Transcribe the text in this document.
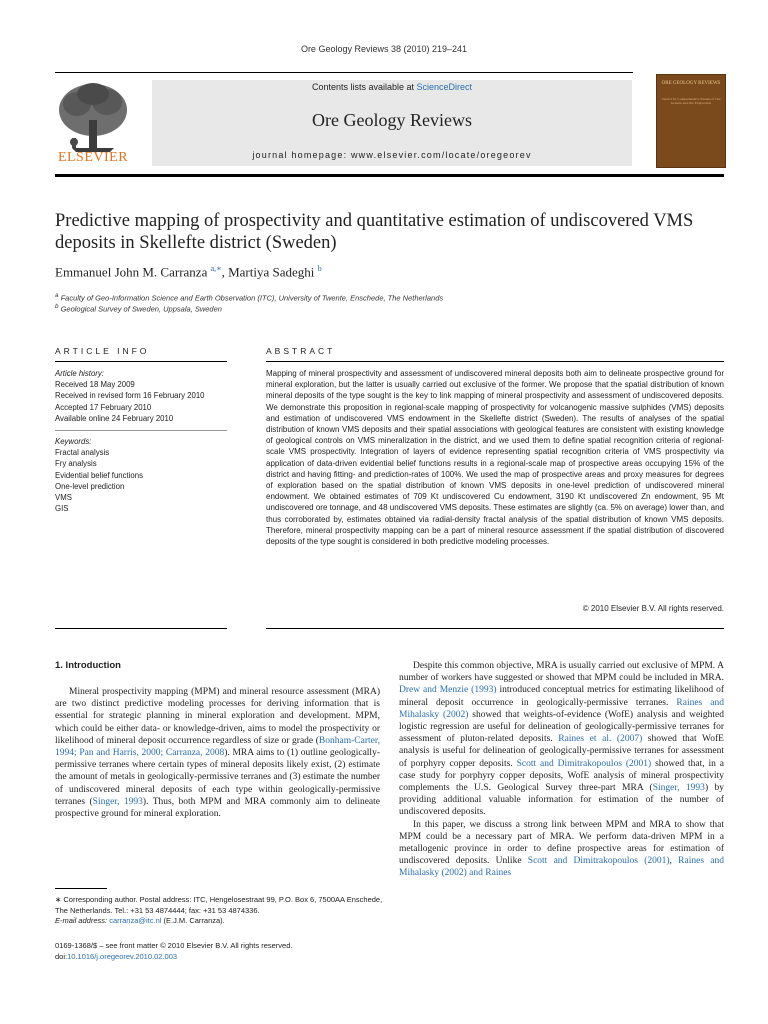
Ore Geology Reviews 38 (2010) 219–241
ELSEVIER
Contents lists available at ScienceDirect
Ore Geology Reviews
journal homepage: www.elsevier.com/locate/oregeorev
ORE GEOLOGY REVIEWS
Journal for Comprehensive Studies of Ore Genesis and Ore Exploration
Predictive mapping of prospectivity and quantitative estimation of undiscovered VMS deposits in Skellefte district (Sweden)
Emmanuel John M. Carranza $^{a,∗}$, Martiya Sadeghi $^b$
$^a$ Faculty of Geo-Information Science and Earth Observation (ITC), University of Twente, Enschede, The Netherlands
$^b$ Geological Survey of Sweden, Uppsala, Sweden
ARTICLE INFO	ABSTRACT
Article history:
Received 18 May 2009
Received in revised form 16 February 2010
Accepted 17 February 2010
Available online 24 February 2010
Keywords:
Fractal analysis
Fry analysis
Evidential belief functions
One-level prediction
VMS
GIS
Mapping of mineral prospectivity and assessment of undiscovered mineral deposits both aim to delineate prospective ground for mineral exploration, but the latter is usually carried out exclusive of the former. We propose that the spatial distribution of known mineral deposits of the type sought is the key to link mapping of mineral prospectivity and assessment of undiscovered deposits. We demonstrate this proposition in regional-scale mapping of prospectivity for volcanogenic massive sulphides (VMS) deposits and estimation of undiscovered VMS endowment in the Skellefte district (Sweden). The results of analyses of the spatial distribution of known VMS deposits and their spatial associations with geological features are consistent with existing knowledge of geological controls on VMS mineralization in the district, and we used them to define spatial recognition criteria of regional-scale VMS prospectivity. Integration of layers of evidence representing spatial recognition criteria of VMS prospectivity via application of data-driven evidential belief functions results in a regional-scale map of prospective areas occupying 15% of the district and having fitting- and prediction-rates of 100%. We used the map of prospective areas and proxy measures for degrees of exploration based on the spatial distribution of known VMS deposits in one-level prediction of undiscovered mineral endowment. We obtained estimates of 709 Kt undiscovered Cu endowment, 3190 Kt undiscovered Zn endowment, 95 Mt undiscovered ore tonnage, and 48 undiscovered VMS deposits. These estimates are slightly (ca. 5% on average) lower than, and thus corroborated by, estimates obtained via radial-density fractal analysis of the spatial distribution of known VMS deposits. Therefore, mineral prospectivity mapping can be a part of mineral resource assessment if the spatial distribution of discovered deposits of the type sought is considered in both predictive modeling processes.
© 2010 Elsevier B.V. All rights reserved.
1. Introduction

Mineral prospectivity mapping (MPM) and mineral resource assessment (MRA) are two distinct predictive modeling processes for deriving information that is essential for strategic planning in mineral exploration and development. MPM, which could be either data- or knowledge-driven, aims to model the prospectivity or likelihood of mineral deposit occurrence regardless of size or grade (Bonham-Carter, 1994; Pan and Harris, 2000; Carranza, 2008). MRA aims to (1) outline geologically-permissive terranes where certain types of mineral deposits likely exist, (2) estimate the amount of metals in geologically-permissive terranes and (3) estimate the number of undiscovered mineral deposits of each type within geologically-permissive terranes (Singer, 1993). Thus, both MPM and MRA commonly aim to delineate prospective ground for mineral exploration.

Despite this common objective, MRA is usually carried out exclusive of MPM. A number of workers have suggested or showed that MPM could be included in MRA. Drew and Menzie (1993) introduced conceptual metrics for estimating likelihood of mineral deposit occurrence in geologically-permissive terranes. Raines and Mihalasky (2002) showed that weights-of-evidence (WofE) analysis and weighted logistic regression are useful for delineation of geologically-permissive terranes for assessment of pluton-related deposits. Raines et al. (2007) showed that WofE analysis is useful for delineation of geologically-permissive terranes for assessment of porphyry copper deposits. Scott and Dimitrakopoulos (2001) showed that, in a case study for porphyry copper deposits, WofE analysis of mineral prospectivity complements the U.S. Geological Survey three-part MRA (Singer, 1993) by providing additional valuable information for estimation of the number of undiscovered deposits.

In this paper, we discuss a strong link between MPM and MRA to show that MPM could be a necessary part of MRA. We perform data-driven MPM in a metallogenic province in order to define prospective areas for estimation of undiscovered deposits. Unlike Scott and Dimitrakopoulos (2001), Raines and Mihalasky (2002) and Raines

∗ Corresponding author. Postal address: ITC, Hengelosestraat 99, P.O. Box 6, 7500AA Enschede, The Netherlands. Tel.: +31 53 4874444; fax: +31 53 4874336.
E-mail address: carranza@itc.nl (E.J.M. Carranza).
0169-1368/$ – see front matter © 2010 Elsevier B.V. All rights reserved.
doi:10.1016/j.oregeorev.2010.02.003
